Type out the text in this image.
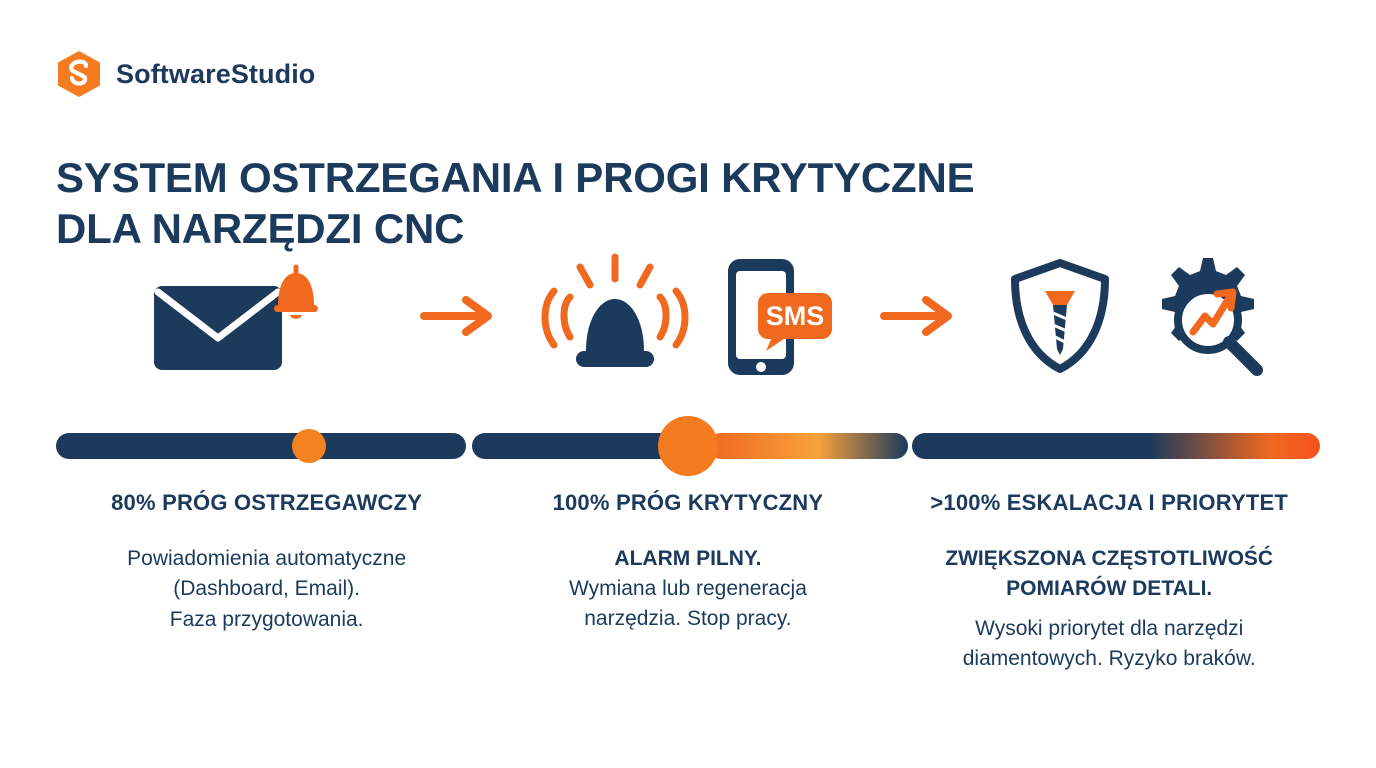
SoftwareStudio
SYSTEM OSTRZEGANIA I PROGI KRYTYCZNE
DLA NARZĘDZI CNC
SMS
80% PRÓG OSTRZEGAWCZY
Powiadomienia automatyczne
(Dashboard, Email).
Faza przygotowania.
100% PRÓG KRYTYCZNY
ALARM PILNY.
Wymiana lub regeneracja
narzędzia. Stop pracy.
>100% ESKALACJA I PRIORYTET
ZWIĘKSZONA CZĘSTOTLIWOŚĆ
POMIARÓW DETALI.
Wysoki priorytet dla narzędzi
diamentowych. Ryzyko braków.
